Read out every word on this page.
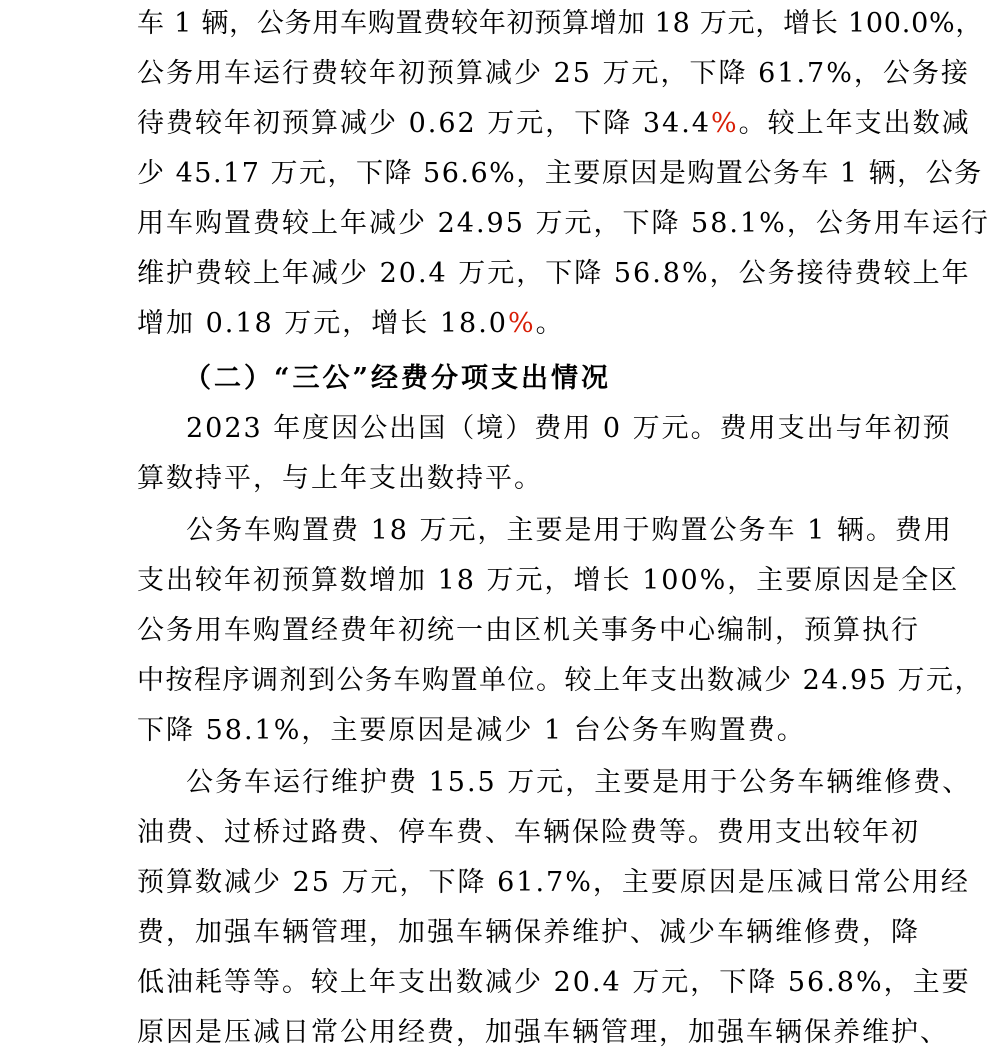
车 1 辆，公务用车购置费较年初预算增加 18 万元，增长 100.0%，
公务用车运行费较年初预算减少 25 万元，下降 61.7%，公务接
待费较年初预算减少 0.62 万元，下降 34.4%。较上年支出数减
少 45.17 万元，下降 56.6%，主要原因是购置公务车 1 辆，公务
用车购置费较上年减少 24.95 万元，下降 58.1%，公务用车运行
维护费较上年减少 20.4 万元，下降 56.8%，公务接待费较上年
增加 0.18 万元，增长 18.0%。
（二）“三公”经费分项支出情况
2023 年度因公出国（境）费用 0 万元。费用支出与年初预
算数持平，与上年支出数持平。
公务车购置费 18 万元，主要是用于购置公务车 1 辆。费用
支出较年初预算数增加 18 万元，增长 100%，主要原因是全区
公务用车购置经费年初统一由区机关事务中心编制，预算执行
中按程序调剂到公务车购置单位。较上年支出数减少 24.95 万元，
下降 58.1%，主要原因是减少 1 台公务车购置费。
公务车运行维护费 15.5 万元，主要是用于公务车辆维修费、
油费、过桥过路费、停车费、车辆保险费等。费用支出较年初
预算数减少 25 万元，下降 61.7%，主要原因是压减日常公用经
费，加强车辆管理，加强车辆保养维护、减少车辆维修费，降
低油耗等等。较上年支出数减少 20.4 万元，下降 56.8%，主要
原因是压减日常公用经费，加强车辆管理，加强车辆保养维护、
